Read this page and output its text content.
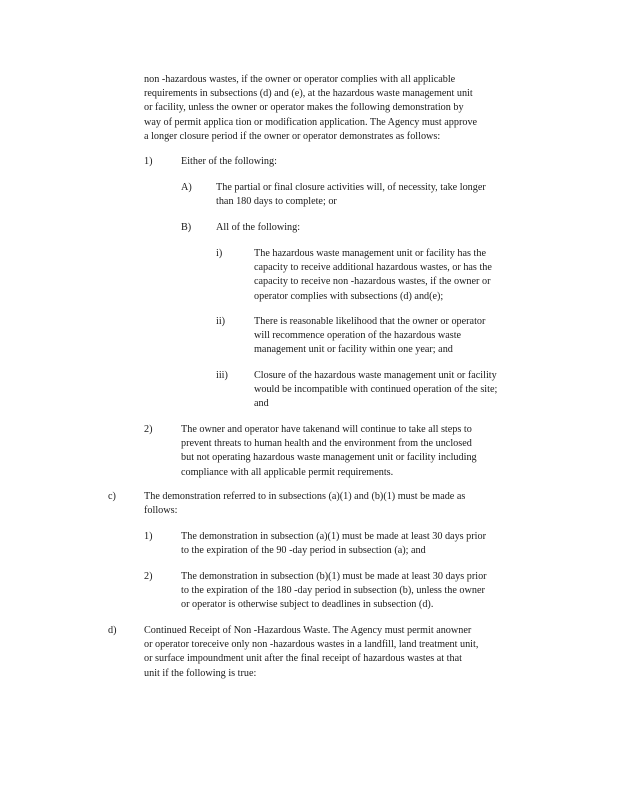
non -hazardous wastes, if the owner or operator complies with all applicable
requirements in subsections (d) and (e), at the hazardous waste management unit
or facility, unless the owner or operator makes the following demonstration by
way of permit applica tion or modification application. The Agency must approve
a longer closure period if the owner or operator demonstrates as follows:
1)	Either of the following:
A) The partial or final closure activities will, of necessity, take longer
than 180 days to complete; or
B) All of the following:
i)	The hazardous waste management unit or facility has the
capacity to receive additional hazardous wastes, or has the
capacity to receive non -hazardous wastes, if the owner or
operator complies with subsections (d) and(e);
ii)	There is reasonable likelihood that the owner or operator
will recommence operation of the hazardous waste
management unit or facility within one year; and
iii)	Closure of the hazardous waste management unit or facility
would be incompatible with continued operation of the site;
and
2)	The owner and operator have takenand will continue to take all steps to
prevent threats to human health and the environment from the unclosed
but not operating hazardous waste management unit or facility including
compliance with all applicable permit requirements.
c)	The demonstration referred to in subsections (a)(1) and (b)(1) must be made as
follows:
1)	The demonstration in subsection (a)(1) must be made at least 30 days prior
to the expiration of the 90 -day period in subsection (a); and
2)	The demonstration in subsection (b)(1) must be made at least 30 days prior
to the expiration of the 180 -day period in subsection (b), unless the owner
or operator is otherwise subject to deadlines in subsection (d).
d)	Continued Receipt of Non -Hazardous Waste. The Agency must permit anowner
or operator toreceive only non -hazardous wastes in a landfill, land treatment unit,
or surface impoundment unit after the final receipt of hazardous wastes at that
unit if the following is true:
